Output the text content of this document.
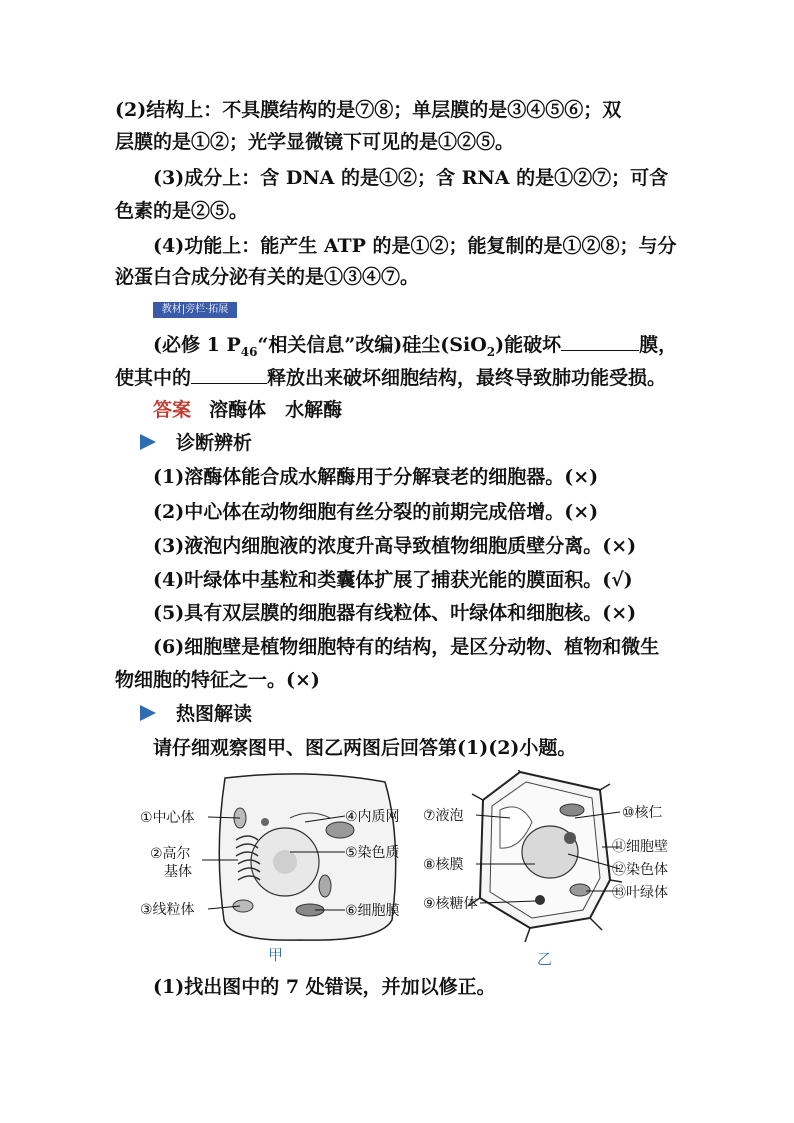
(2)结构上：不具膜结构的是⑦⑧；单层膜的是③④⑤⑥；双
层膜的是①②；光学显微镜下可见的是①②⑤。
(3)成分上：含 DNA 的是①②；含 RNA 的是①②⑦；可含
色素的是②⑤。
(4)功能上：能产生 ATP 的是①②；能复制的是①②⑧；与分
泌蛋白合成分泌有关的是①③④⑦。
教材|旁栏·拓展
(必修 1 $P_{46}“$相关信息”改编)硅尘(SiO$_2$)能破坏	膜，
使其中的	释放出来破坏细胞结构，最终导致肺功能受损。
答案 溶酶体　水解酶
诊断辨析
(1)溶酶体能合成水解酶用于分解衰老的细胞器。(×)
(2)中心体在动物细胞有丝分裂的前期完成倍增。(×)
(3)液泡内细胞液的浓度升高导致植物细胞质壁分离。(×)
(4)叶绿体中基粒和类囊体扩展了捕获光能的膜面积。(√)
(5)具有双层膜的细胞器有线粒体、叶绿体和细胞核。(×)
(6)细胞壁是植物细胞特有的结构，是区分动物、植物和微生
物细胞的特征之一。(×)
热图解读
请仔细观察图甲、图乙两图后回答第(1)(2)小题。
①中心体
②高尔
基体
③线粒体
④内质网
⑤染色质
⑥细胞膜
⑦液泡
⑧核膜
⑨核糖体
⑩核仁
⑪细胞壁
⑫染色体
⑬叶绿体
甲	乙
(1)找出图中的 7 处错误，并加以修正。
